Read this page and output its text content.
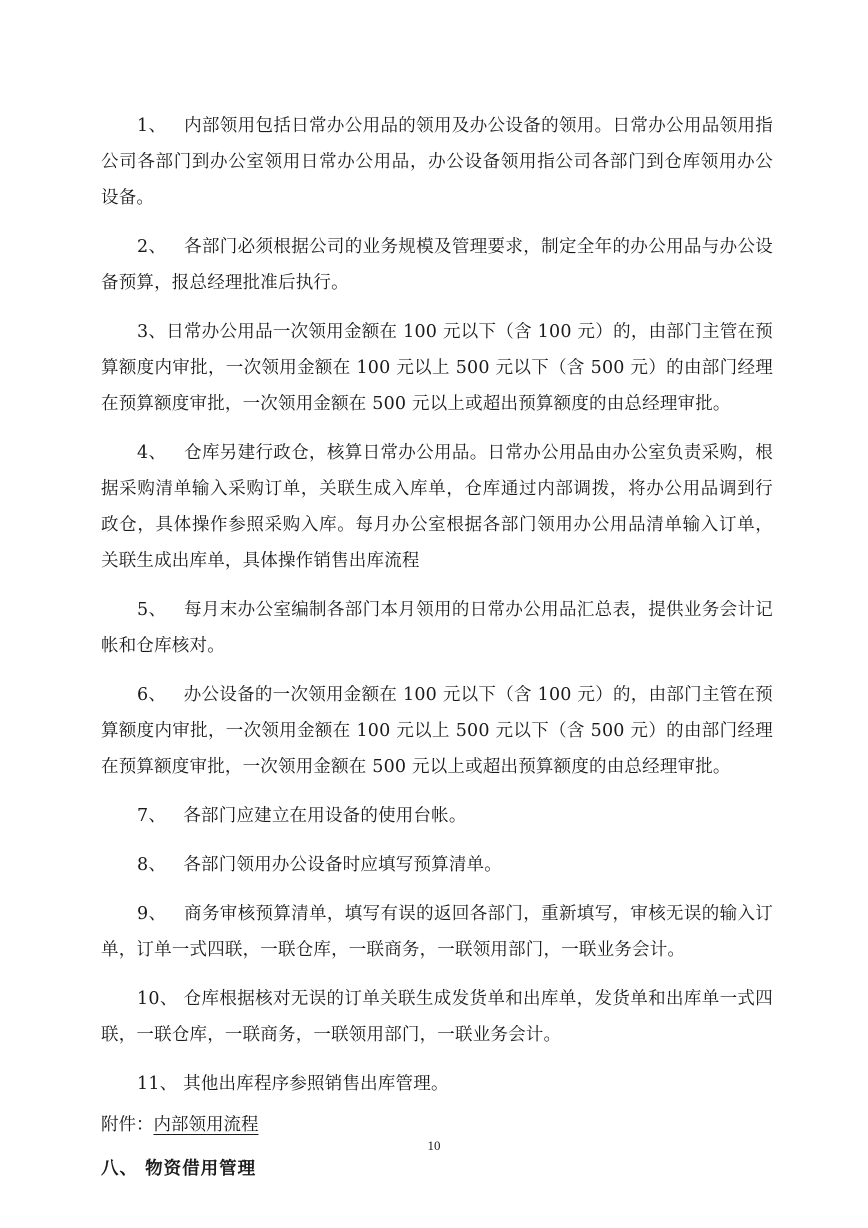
1、 内部领用包括日常办公用品的领用及办公设备的领用。日常办公用品领用指公司各部门到办公室领用日常办公用品，办公设备领用指公司各部门到仓库领用办公设备。

2、 各部门必须根据公司的业务规模及管理要求，制定全年的办公用品与办公设备预算，报总经理批准后执行。

3、日常办公用品一次领用金额在 100 元以下（含 100 元）的，由部门主管在预算额度内审批，一次领用金额在 100 元以上 500 元以下（含 500 元）的由部门经理在预算额度审批，一次领用金额在 500 元以上或超出预算额度的由总经理审批。

4、 仓库另建行政仓，核算日常办公用品。日常办公用品由办公室负责采购，根据采购清单输入采购订单，关联生成入库单，仓库通过内部调拨，将办公用品调到行政仓，具体操作参照采购入库。每月办公室根据各部门领用办公用品清单输入订单，关联生成出库单，具体操作销售出库流程

5、 每月末办公室编制各部门本月领用的日常办公用品汇总表，提供业务会计记帐和仓库核对。

6、 办公设备的一次领用金额在 100 元以下（含 100 元）的，由部门主管在预算额度内审批，一次领用金额在 100 元以上 500 元以下（含 500 元）的由部门经理在预算额度审批，一次领用金额在 500 元以上或超出预算额度的由总经理审批。

7、 各部门应建立在用设备的使用台帐。

8、 各部门领用办公设备时应填写预算清单。

9、 商务审核预算清单，填写有误的返回各部门，重新填写，审核无误的输入订单，订单一式四联，一联仓库，一联商务，一联领用部门，一联业务会计。

10、 仓库根据核对无误的订单关联生成发货单和出库单，发货单和出库单一式四联，一联仓库，一联商务，一联领用部门，一联业务会计。

11、 其他出库程序参照销售出库管理。

附件：内部领用流程

八、 物资借用管理
10
